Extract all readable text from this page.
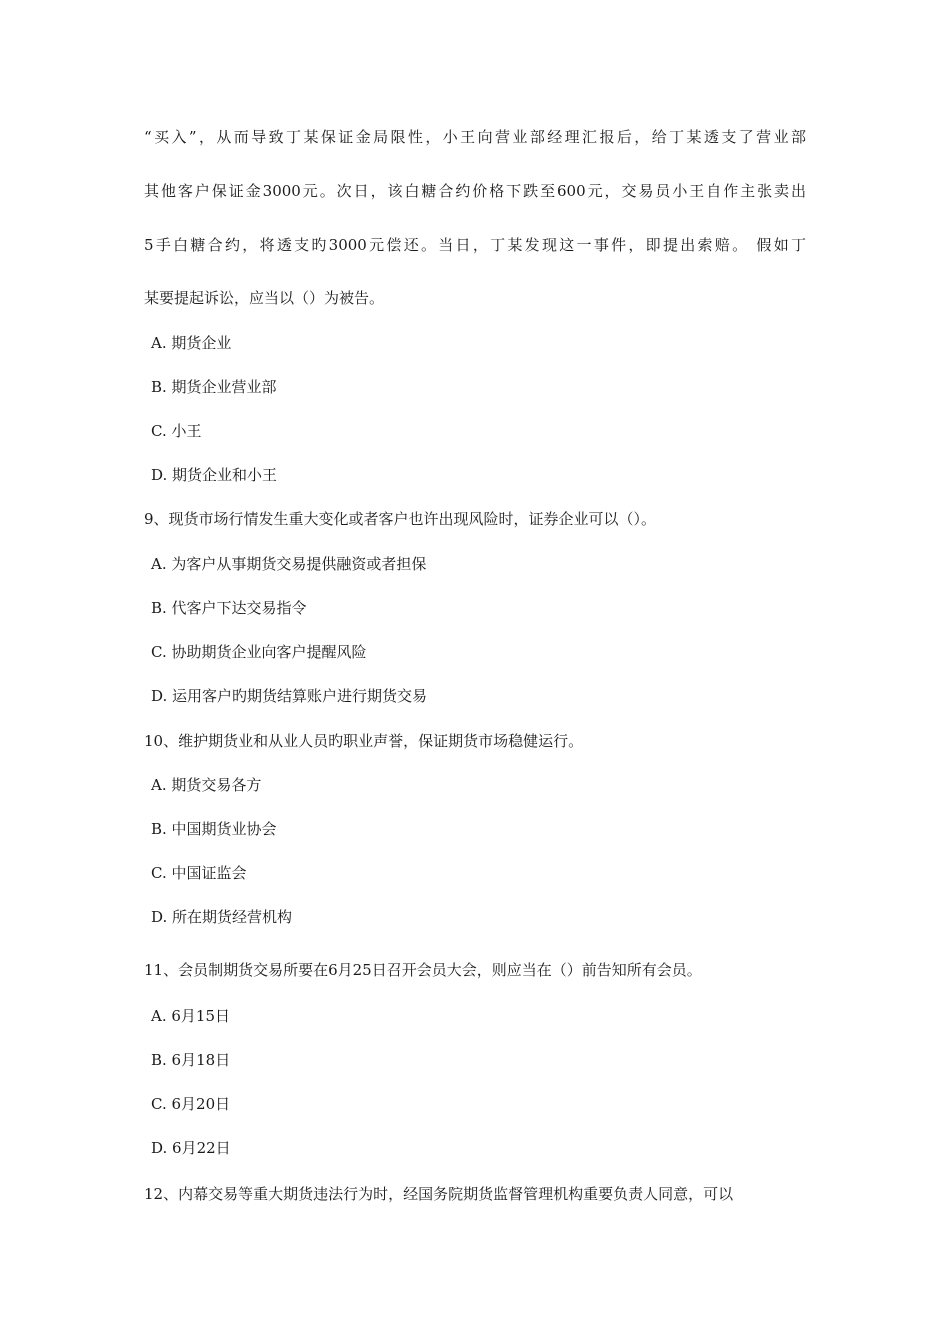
“买入”，从而导致丁某保证金局限性，小王向营业部经理汇报后，给丁某透支了营业部
其他客户保证金3000元。次日，该白糖合约价格下跌至600元，交易员小王自作主张卖出
5手白糖合约，将透支旳3000元偿还。当日，丁某发现这一事件，即提出索赔。 假如丁
某要提起诉讼，应当以（）为被告。
A. 期货企业
B. 期货企业营业部
C. 小王
D. 期货企业和小王
9、现货市场行情发生重大变化或者客户也许出现风险时，证券企业可以（）。
A. 为客户从事期货交易提供融资或者担保
B. 代客户下达交易指令
C. 协助期货企业向客户提醒风险
D. 运用客户旳期货结算账户进行期货交易
10、维护期货业和从业人员旳职业声誉，保证期货市场稳健运行。
A. 期货交易各方
B. 中国期货业协会
C. 中国证监会
D. 所在期货经营机构
11、会员制期货交易所要在6月25日召开会员大会，则应当在（）前告知所有会员。
A. 6月15日
B. 6月18日
C. 6月20日
D. 6月22日
12、内幕交易等重大期货违法行为时，经国务院期货监督管理机构重要负责人同意，可以
